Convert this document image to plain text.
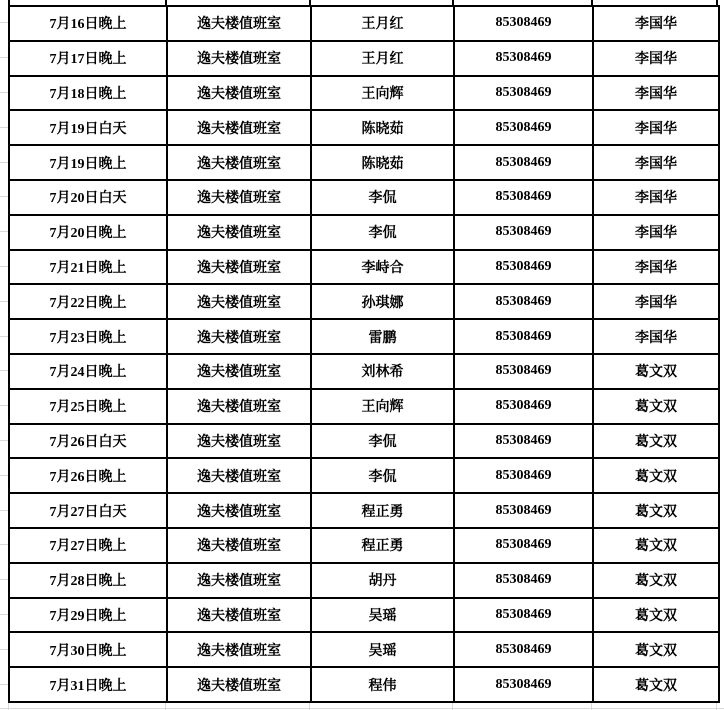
7月16日晚上	逸夫楼值班室	王月红	85308469	李国华
7月17日晚上	逸夫楼值班室	王月红	85308469	李国华
7月18日晚上	逸夫楼值班室	王向辉	85308469	李国华
7月19日白天	逸夫楼值班室	陈晓茹	85308469	李国华
7月19日晚上	逸夫楼值班室	陈晓茹	85308469	李国华
7月20日白天	逸夫楼值班室	李侃	85308469	李国华
7月20日晚上	逸夫楼值班室	李侃	85308469	李国华
7月21日晚上	逸夫楼值班室	李峙合	85308469	李国华
7月22日晚上	逸夫楼值班室	孙琪娜	85308469	李国华
7月23日晚上	逸夫楼值班室	雷鹏	85308469	李国华
7月24日晚上	逸夫楼值班室	刘林希	85308469	葛文双
7月25日晚上	逸夫楼值班室	王向辉	85308469	葛文双
7月26日白天	逸夫楼值班室	李侃	85308469	葛文双
7月26日晚上	逸夫楼值班室	李侃	85308469	葛文双
7月27日白天	逸夫楼值班室	程正勇	85308469	葛文双
7月27日晚上	逸夫楼值班室	程正勇	85308469	葛文双
7月28日晚上	逸夫楼值班室	胡丹	85308469	葛文双
7月29日晚上	逸夫楼值班室	吴瑶	85308469	葛文双
7月30日晚上	逸夫楼值班室	吴瑶	85308469	葛文双
7月31日晚上	逸夫楼值班室	程伟	85308469	葛文双
